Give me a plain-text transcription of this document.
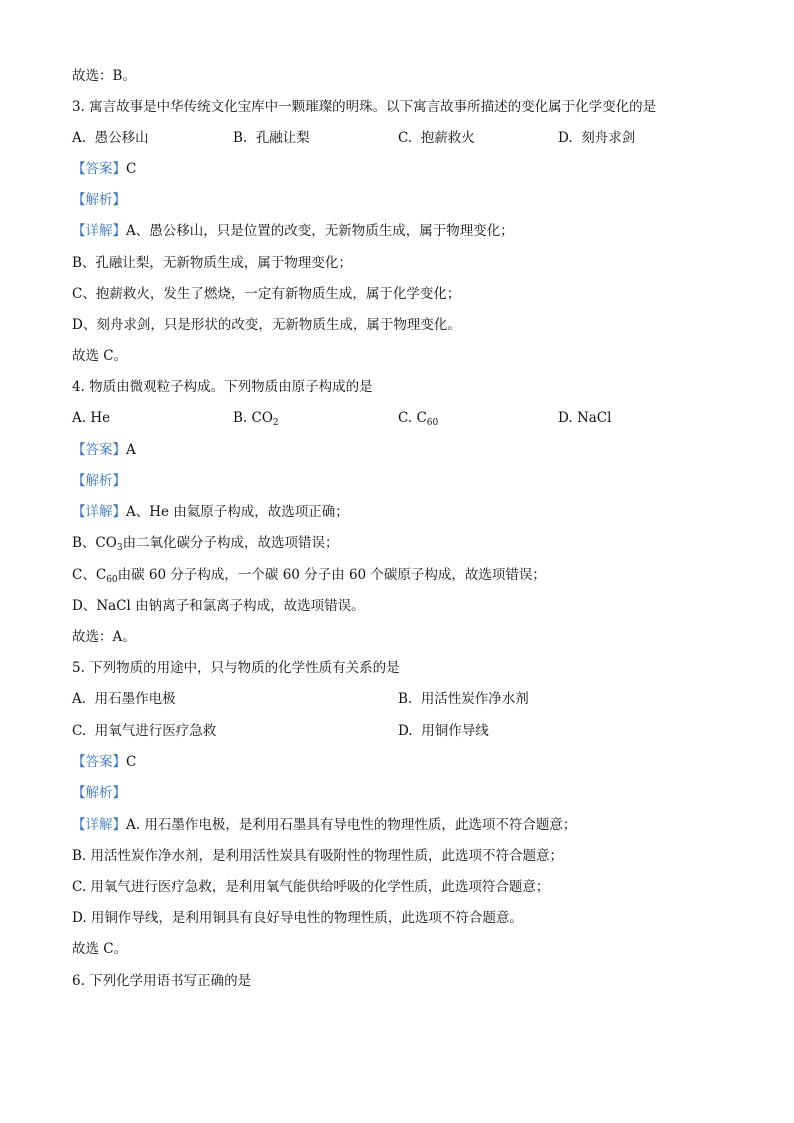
故选：B。
3. 寓言故事是中华传统文化宝库中一颗璀璨的明珠。以下寓言故事所描述的变化属于化学变化的是
A. 愚公移山	B. 孔融让梨	C. 抱薪救火	D. 刻舟求剑
【答案】C
【解析】
【详解】A、愚公移山，只是位置的改变，无新物质生成，属于物理变化；
B、孔融让梨，无新物质生成，属于物理变化；
C、抱薪救火，发生了燃烧，一定有新物质生成，属于化学变化；
D、刻舟求剑，只是形状的改变，无新物质生成，属于物理变化。
故选 C。
4. 物质由微观粒子构成。下列物质由原子构成的是
A. He	B. $CO_2$	C. $C_{60}$	D. NaCl
【答案】A
【解析】
【详解】A、He 由氦原子构成，故选项正确；
B、$CO_3$由二氧化碳分子构成，故选项错误；
C、$C_{60}$由碳 60 分子构成，一个碳 60 分子由 60 个碳原子构成，故选项错误；
D、NaCl 由钠离子和氯离子构成，故选项错误。
故选：A。
5. 下列物质的用途中，只与物质的化学性质有关系的是
A. 用石墨作电极	B. 用活性炭作净水剂
C. 用氧气进行医疗急救	D. 用铜作导线
【答案】C
【解析】
【详解】A. 用石墨作电极，是利用石墨具有导电性的物理性质，此选项不符合题意；
B. 用活性炭作净水剂，是利用活性炭具有吸附性的物理性质，此选项不符合题意；
C. 用氧气进行医疗急救，是利用氧气能供给呼吸的化学性质，此选项符合题意；
D. 用铜作导线，是利用铜具有良好导电性的物理性质，此选项不符合题意。
故选 C。
6. 下列化学用语书写正确的是
